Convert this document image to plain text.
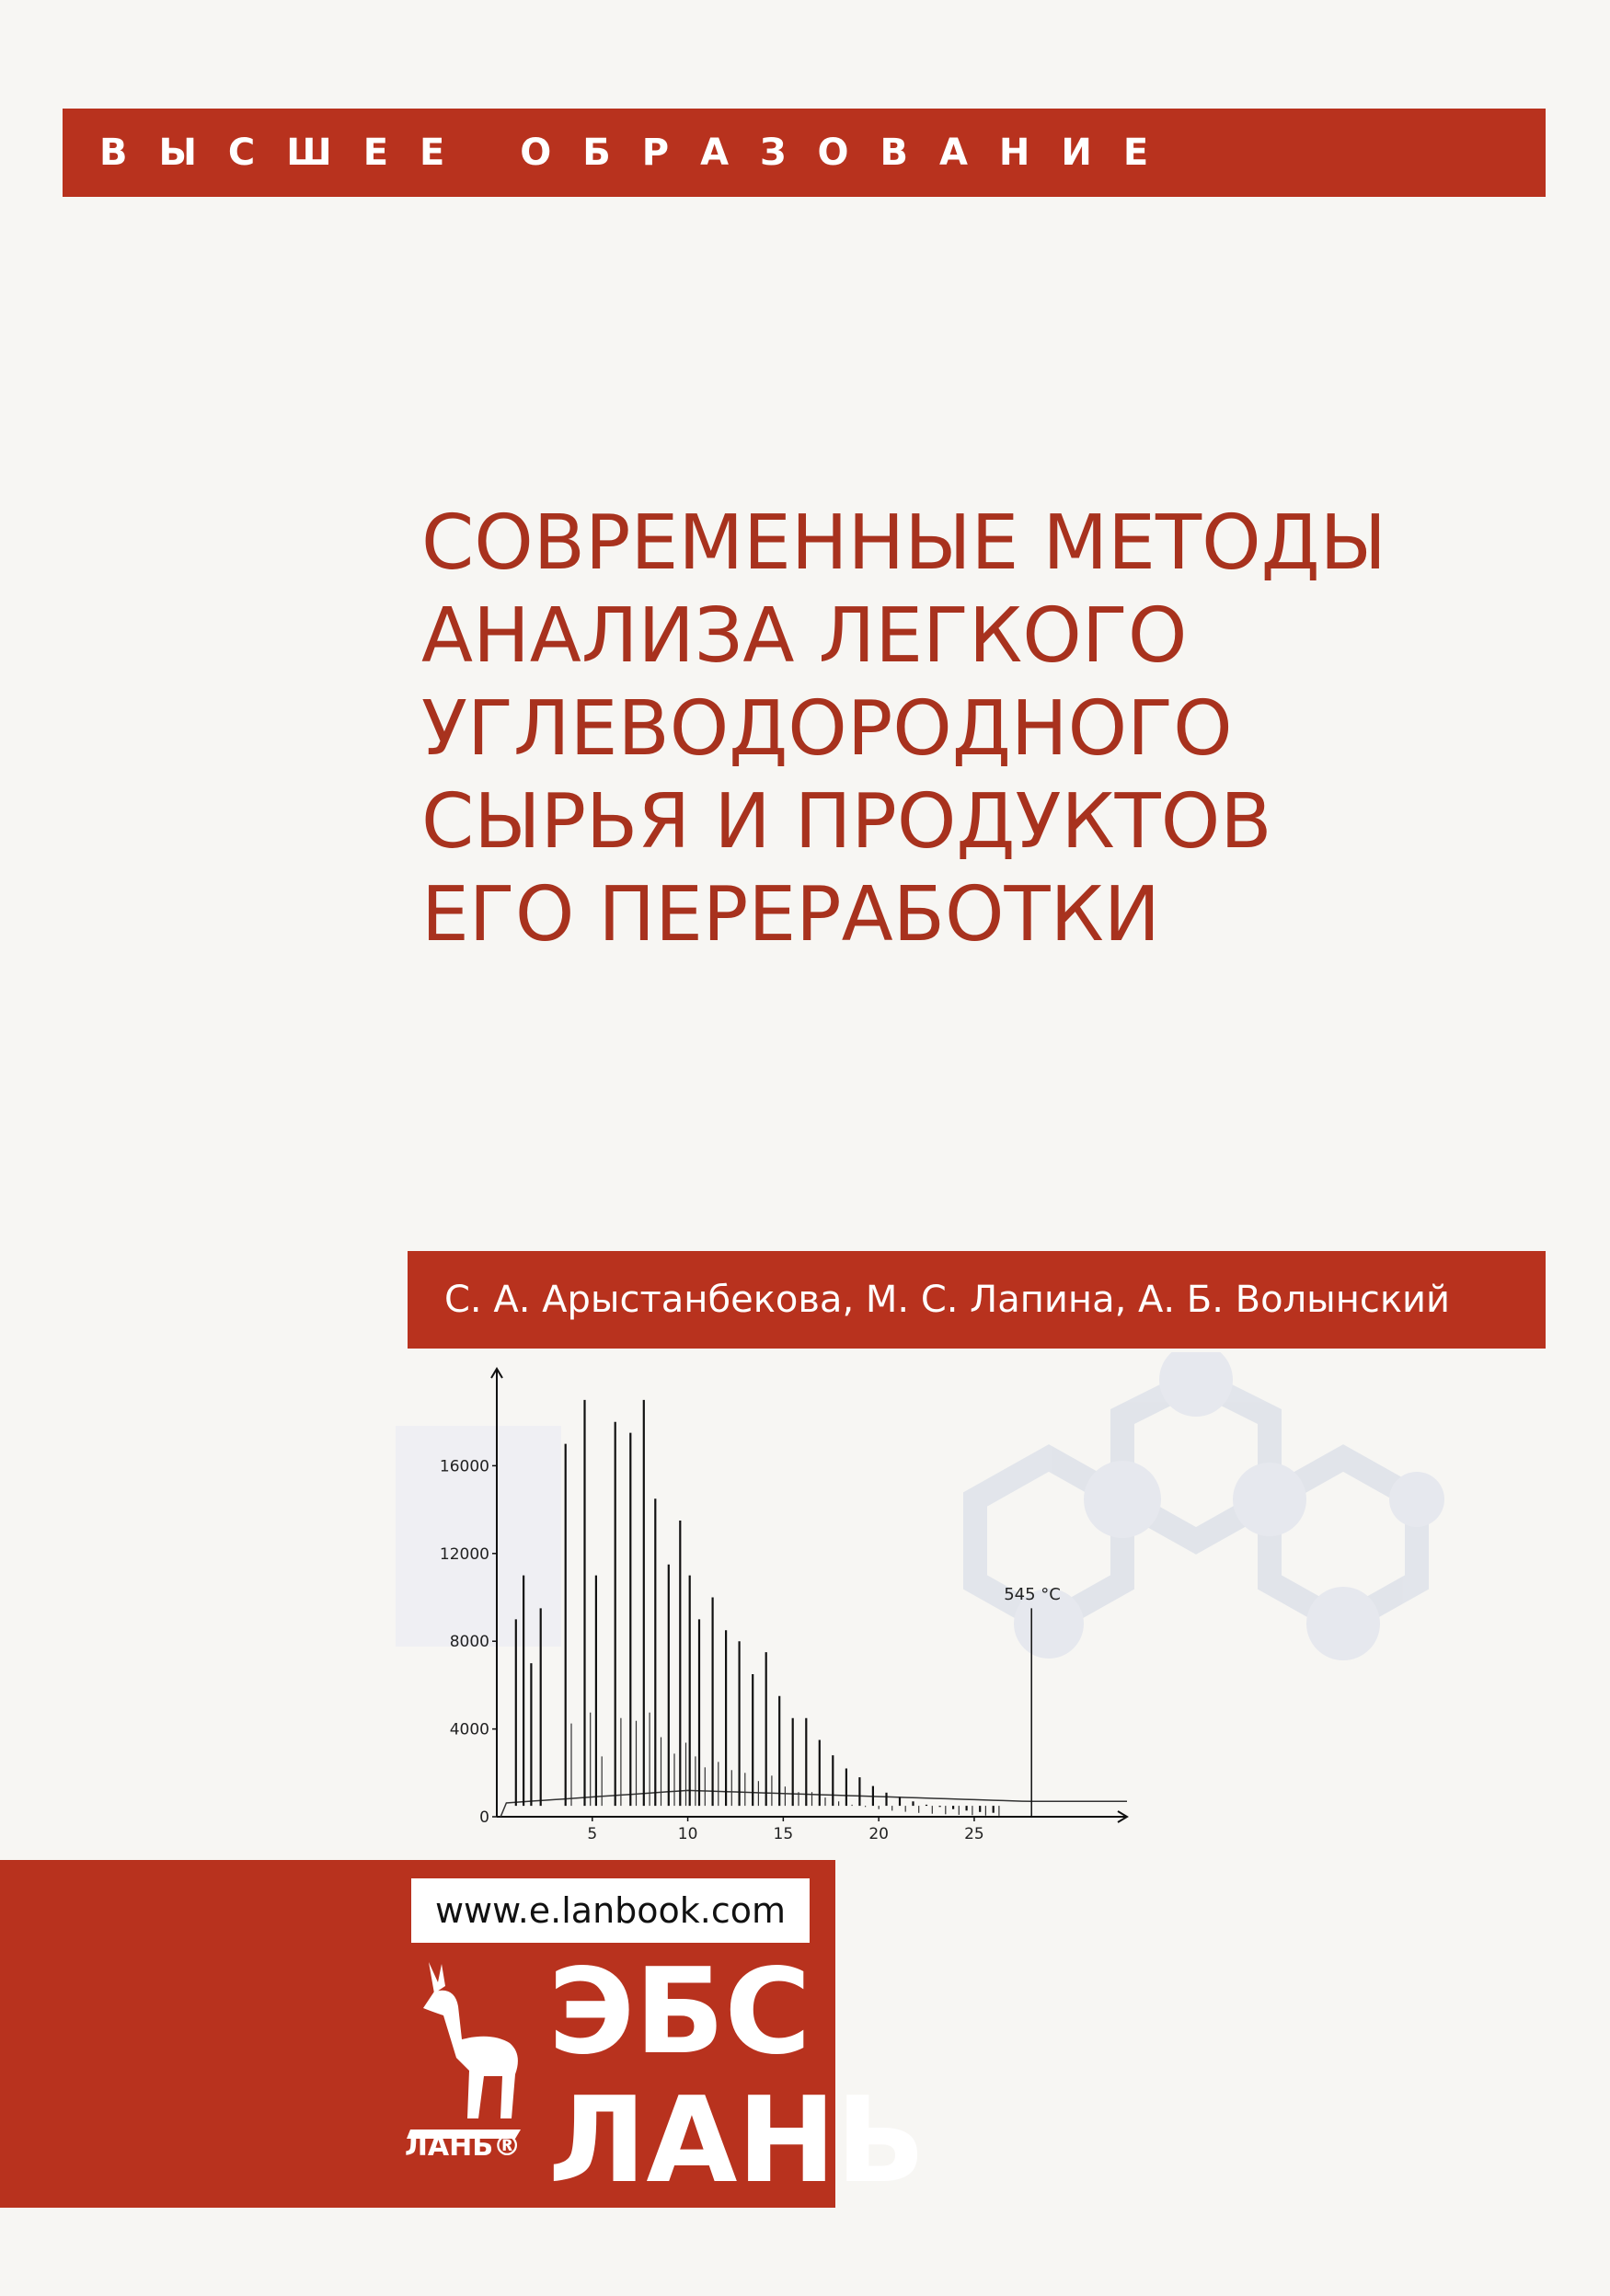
ВЫСШЕЕ ОБРАЗОВАНИЕ
СОВРЕМЕННЫЕ МЕТОДЫ
АНАЛИЗА ЛЕГКОГО
УГЛЕВОДОРОДНОГО
СЫРЬЯ И ПРОДУКТОВ
ЕГО ПЕРЕРАБОТКИ
С. А. Арыстанбекова, М. С. Лапина, А. Б. Волынский
0
4000
8000
12000
16000
5	10	15	20	25
545 °C
www.e.lanbook.com
ЛАНЬ®
ЭБС
ЛАНЬ
